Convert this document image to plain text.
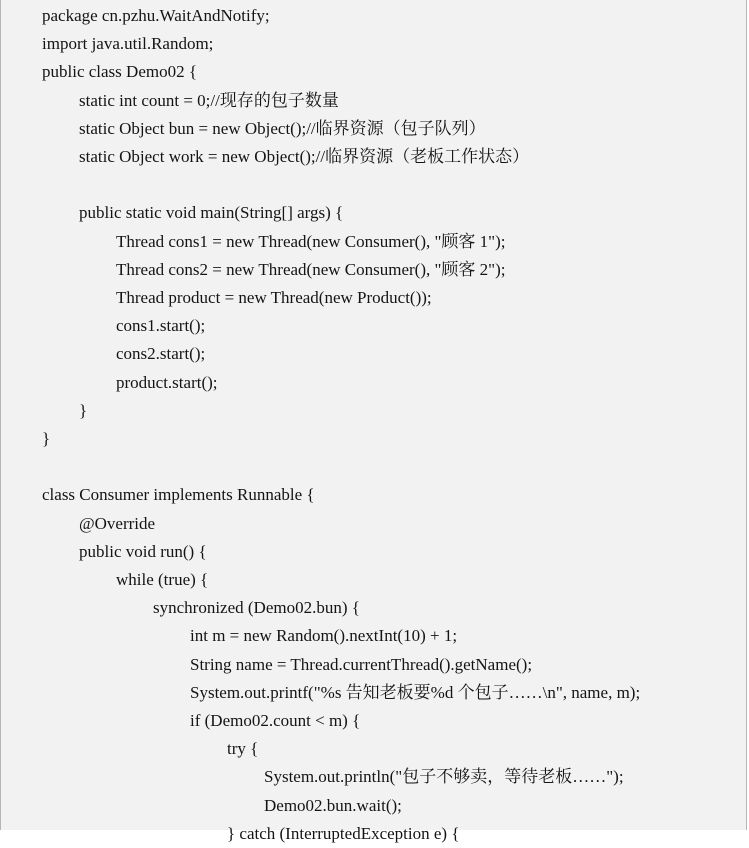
package cn.pzhu.WaitAndNotify;
import java.util.Random;
public class Demo02 {
static int count = 0;//现存的包子数量
static Object bun = new Object();//临界资源（包子队列）
static Object work = new Object();//临界资源（老板工作状态）
public static void main(String[] args) {
Thread cons1 = new Thread(new Consumer(), "顾客 1");
Thread cons2 = new Thread(new Consumer(), "顾客 2");
Thread product = new Thread(new Product());
cons1.start();
cons2.start();
product.start();
}
}
class Consumer implements Runnable {
@Override
public void run() {
while (true) {
synchronized (Demo02.bun) {
int m = new Random().nextInt(10) + 1;
String name = Thread.currentThread().getName();
System.out.printf("%s 告知老板要%d 个包子……\n", name, m);
if (Demo02.count < m) {
try {
System.out.println("包子不够卖，等待老板……");
Demo02.bun.wait();
} catch (InterruptedException e) {
